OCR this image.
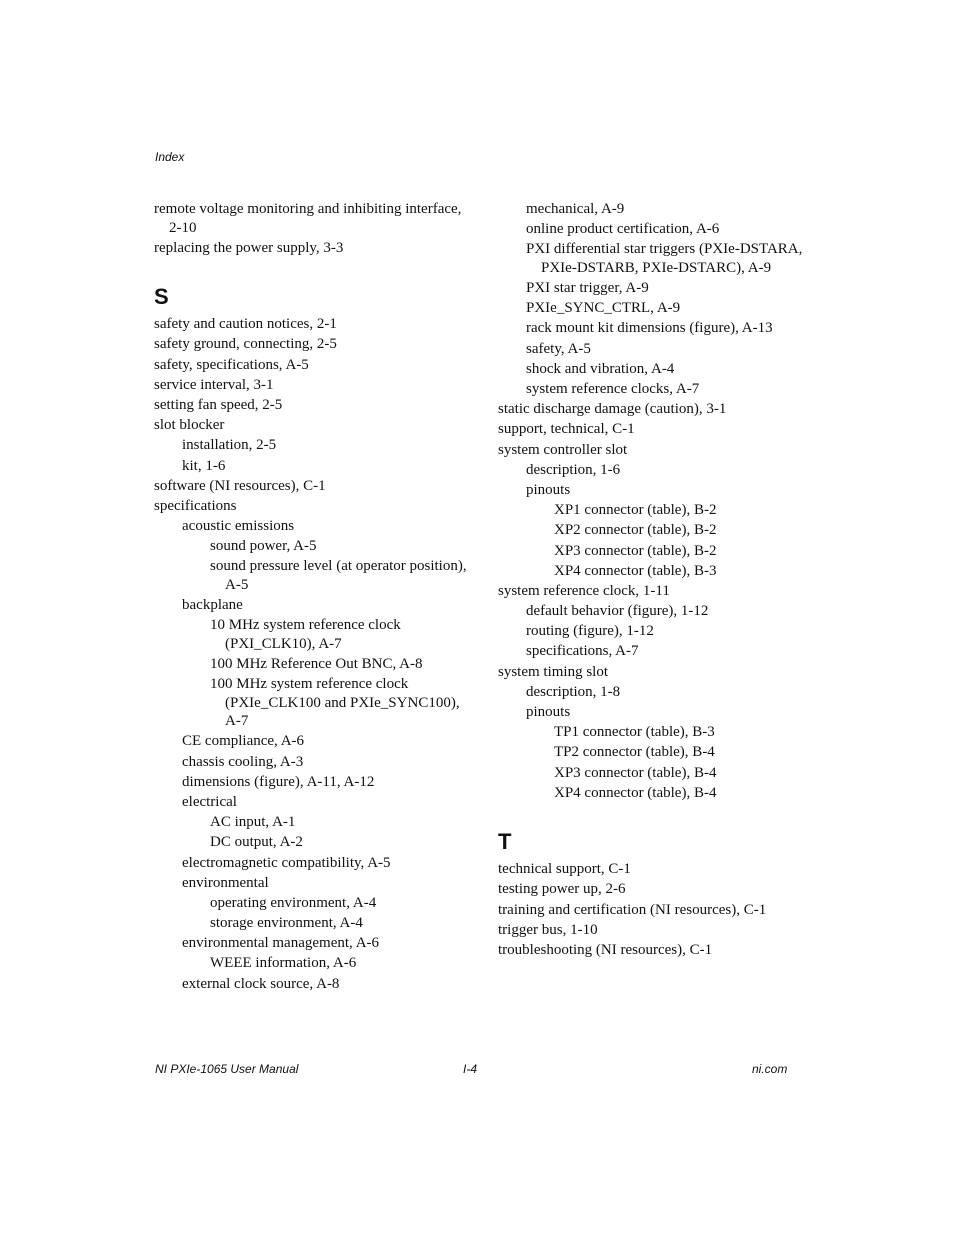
Index
remote voltage monitoring and inhibiting interface, 2-10
replacing the power supply, 3-3
S
safety and caution notices, 2-1
safety ground, connecting, 2-5
safety, specifications, A-5
service interval, 3-1
setting fan speed, 2-5
slot blocker
installation, 2-5
kit, 1-6
software (NI resources), C-1
specifications
acoustic emissions
sound power, A-5
sound pressure level (at operator position), A-5
backplane
10 MHz system reference clock (PXI_CLK10), A-7
100 MHz Reference Out BNC, A-8
100 MHz system reference clock (PXIe_CLK100 and PXIe_SYNC100), A-7
CE compliance, A-6
chassis cooling, A-3
dimensions (figure), A-11, A-12
electrical
AC input, A-1
DC output, A-2
electromagnetic compatibility, A-5
environmental
operating environment, A-4
storage environment, A-4
environmental management, A-6
WEEE information, A-6
external clock source, A-8
mechanical, A-9
online product certification, A-6
PXI differential star triggers (PXIe-DSTARA, PXIe-DSTARB, PXIe-DSTARC), A-9
PXI star trigger, A-9
PXIe_SYNC_CTRL, A-9
rack mount kit dimensions (figure), A-13
safety, A-5
shock and vibration, A-4
system reference clocks, A-7
static discharge damage (caution), 3-1
support, technical, C-1
system controller slot
description, 1-6
pinouts
XP1 connector (table), B-2
XP2 connector (table), B-2
XP3 connector (table), B-2
XP4 connector (table), B-3
system reference clock, 1-11
default behavior (figure), 1-12
routing (figure), 1-12
specifications, A-7
system timing slot
description, 1-8
pinouts
TP1 connector (table), B-3
TP2 connector (table), B-4
XP3 connector (table), B-4
XP4 connector (table), B-4
T
technical support, C-1
testing power up, 2-6
training and certification (NI resources), C-1
trigger bus, 1-10
troubleshooting (NI resources), C-1
NI PXIe-1065 User Manual	I-4	ni.com
